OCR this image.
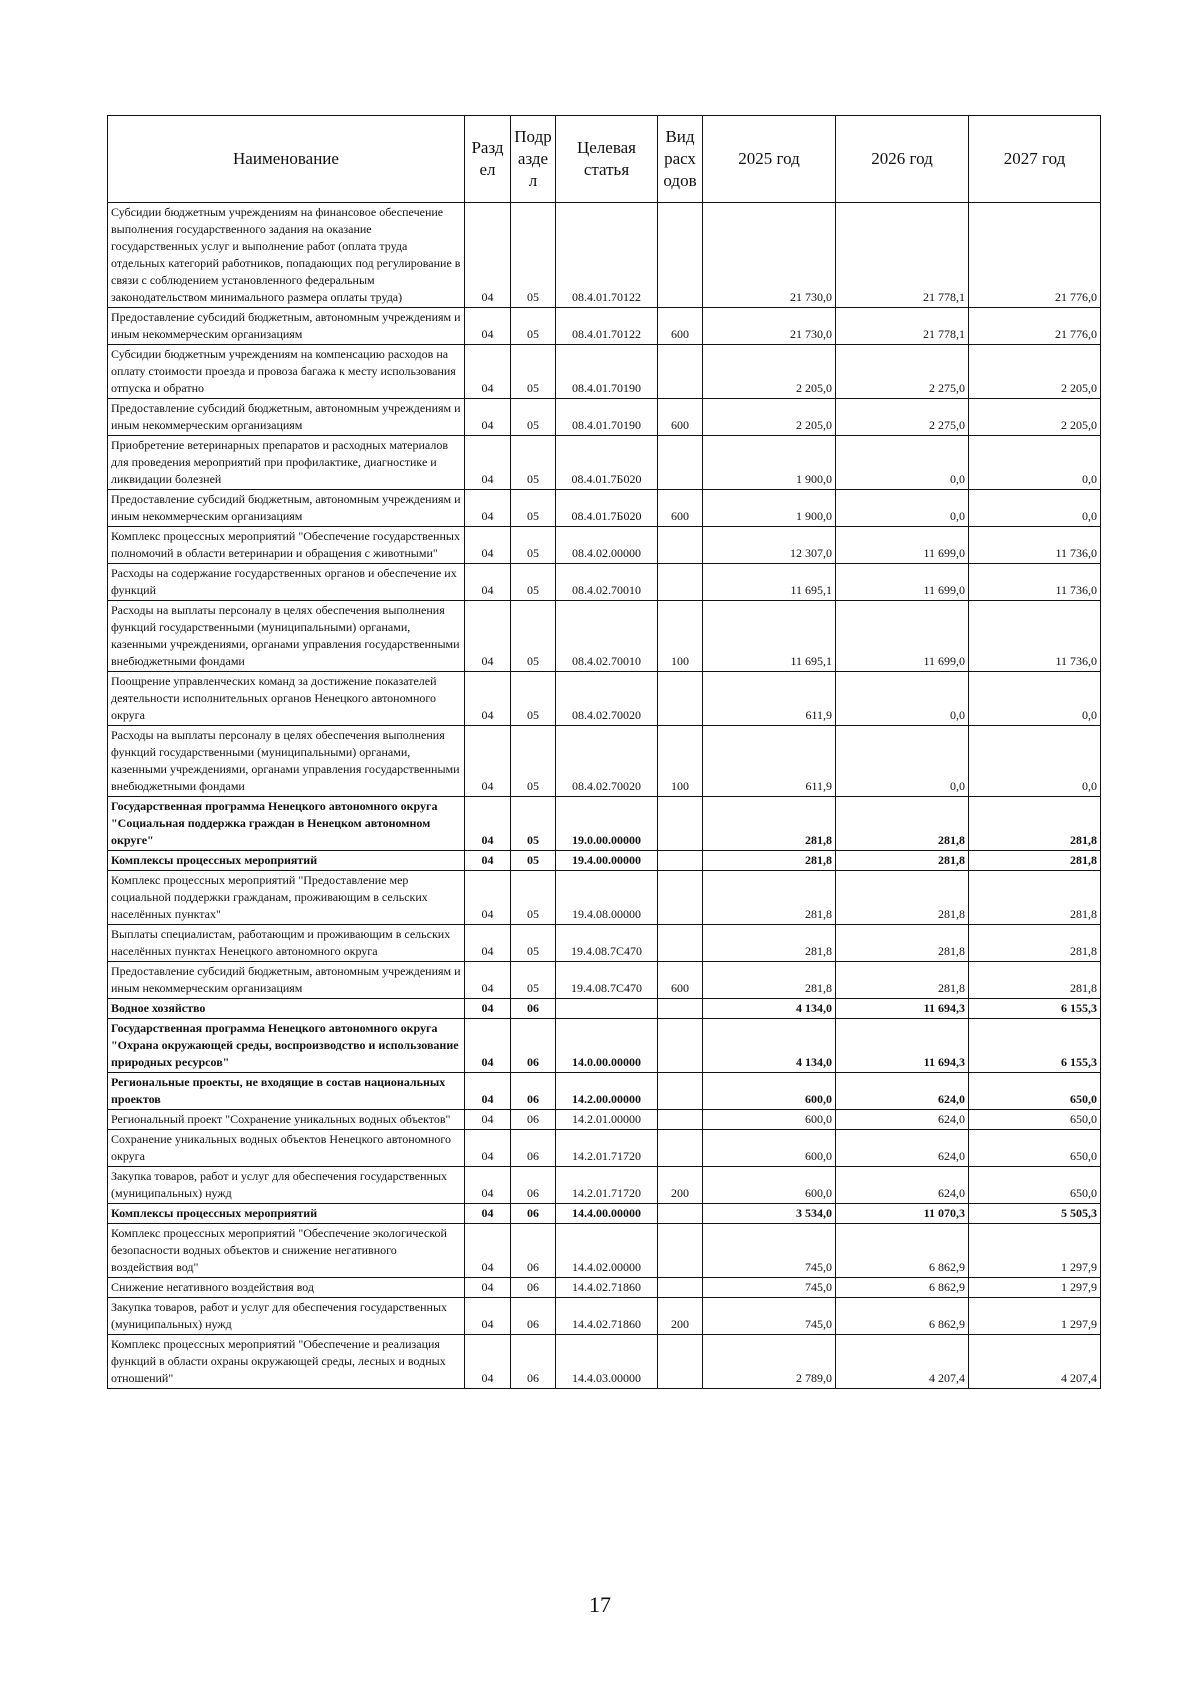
Наименование	Разд ел	Подр азде л	Целевая статья	Вид расх одов	2025 год	2026 год	2027 год
Субсидии бюджетным учреждениям на финансовое обеспечение выполнения государственного задания на оказание государственных услуг и выполнение работ (оплата труда отдельных категорий работников, попадающих под регулирование в связи с соблюдением установленного федеральным законодательством минимального размера оплаты труда)	04	05	08.4.01.70122		21 730,0	21 778,1	21 776,0
Предоставление субсидий бюджетным, автономным учреждениям и иным некоммерческим организациям	04	05	08.4.01.70122	600	21 730,0	21 778,1	21 776,0
Субсидии бюджетным учреждениям на компенсацию расходов на оплату стоимости проезда и провоза багажа к месту использования отпуска и обратно	04	05	08.4.01.70190		2 205,0	2 275,0	2 205,0
Предоставление субсидий бюджетным, автономным учреждениям и иным некоммерческим организациям	04	05	08.4.01.70190	600	2 205,0	2 275,0	2 205,0
Приобретение ветеринарных препаратов и расходных материалов для проведения мероприятий при профилактике, диагностике и ликвидации болезней	04	05	08.4.01.7Б020		1 900,0	0,0	0,0
Предоставление субсидий бюджетным, автономным учреждениям и иным некоммерческим организациям	04	05	08.4.01.7Б020	600	1 900,0	0,0	0,0
Комплекс процессных мероприятий "Обеспечение государственных полномочий в области ветеринарии и обращения с животными"	04	05	08.4.02.00000		12 307,0	11 699,0	11 736,0
Расходы на содержание государственных органов и обеспечение их функций	04	05	08.4.02.70010		11 695,1	11 699,0	11 736,0
Расходы на выплаты персоналу в целях обеспечения выполнения функций государственными (муниципальными) органами, казенными учреждениями, органами управления государственными внебюджетными фондами	04	05	08.4.02.70010	100	11 695,1	11 699,0	11 736,0
Поощрение управленческих команд за достижение показателей деятельности исполнительных органов Ненецкого автономного округа	04	05	08.4.02.70020		611,9	0,0	0,0
Расходы на выплаты персоналу в целях обеспечения выполнения функций государственными (муниципальными) органами, казенными учреждениями, органами управления государственными внебюджетными фондами	04	05	08.4.02.70020	100	611,9	0,0	0,0
Государственная программа Ненецкого автономного округа "Социальная поддержка граждан в Ненецком автономном округе"	04	05	19.0.00.00000		281,8	281,8	281,8
Комплексы процессных мероприятий	04	05	19.4.00.00000		281,8	281,8	281,8
Комплекс процессных мероприятий "Предоставление мер социальной поддержки гражданам, проживающим в сельских населённых пунктах"	04	05	19.4.08.00000		281,8	281,8	281,8
Выплаты специалистам, работающим и проживающим в сельских населённых пунктах Ненецкого автономного округа	04	05	19.4.08.7С470		281,8	281,8	281,8
Предоставление субсидий бюджетным, автономным учреждениям и иным некоммерческим организациям	04	05	19.4.08.7С470	600	281,8	281,8	281,8
Водное хозяйство	04	06			4 134,0	11 694,3	6 155,3
Государственная программа Ненецкого автономного округа "Охрана окружающей среды, воспроизводство и использование природных ресурсов"	04	06	14.0.00.00000		4 134,0	11 694,3	6 155,3
Региональные проекты, не входящие в состав национальных проектов	04	06	14.2.00.00000		600,0	624,0	650,0
Региональный проект "Сохранение уникальных водных объектов"	04	06	14.2.01.00000		600,0	624,0	650,0
Сохранение уникальных водных объектов Ненецкого автономного округа	04	06	14.2.01.71720		600,0	624,0	650,0
Закупка товаров, работ и услуг для обеспечения государственных (муниципальных) нужд	04	06	14.2.01.71720	200	600,0	624,0	650,0
Комплексы процессных мероприятий	04	06	14.4.00.00000		3 534,0	11 070,3	5 505,3
Комплекс процессных мероприятий "Обеспечение экологической безопасности водных объектов и снижение негативного воздействия вод"	04	06	14.4.02.00000		745,0	6 862,9	1 297,9
Снижение негативного воздействия вод	04	06	14.4.02.71860		745,0	6 862,9	1 297,9
Закупка товаров, работ и услуг для обеспечения государственных (муниципальных) нужд	04	06	14.4.02.71860	200	745,0	6 862,9	1 297,9
Комплекс процессных мероприятий "Обеспечение и реализация функций в области охраны окружающей среды, лесных и водных отношений"	04	06	14.4.03.00000		2 789,0	4 207,4	4 207,4
17
